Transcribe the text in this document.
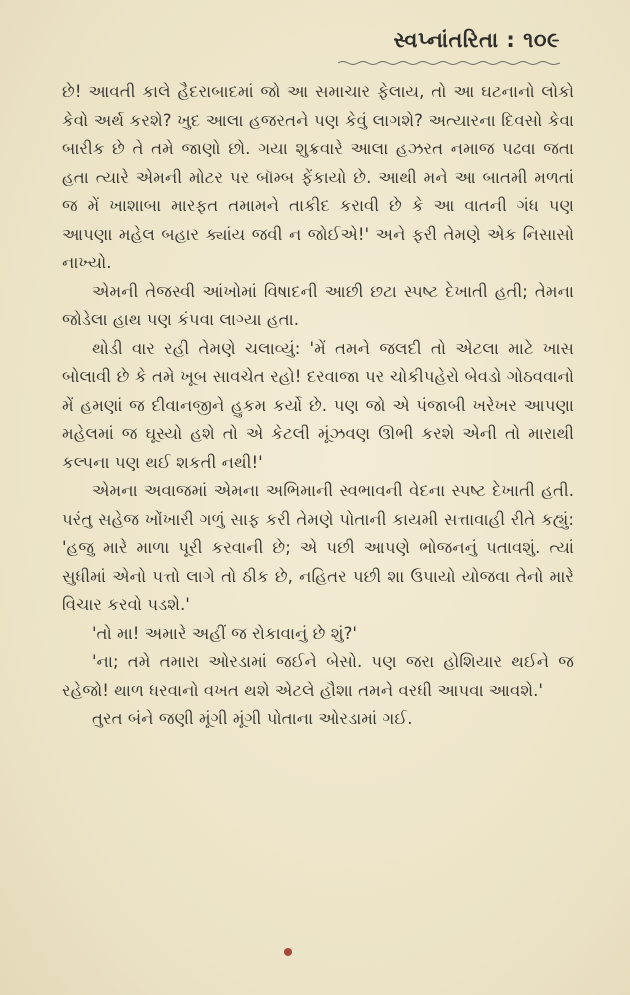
સ્વપ્નાંતરિતા : ૧૦૯

છે! આવતી કાલે હૈદરાબાદમાં જો આ સમાચાર ફેલાય, તો આ ઘટનાનો લોકો કેવો અર્થ કરશે? ખુદ આલા હજરતને પણ કેવું લાગશે? અત્યારના દિવસો કેવા બારીક છે તે તમે જાણો છો. ગયા શુક્રવારે આલા હઝરત નમાજ પઢવા જતા હતા ત્યારે એમની મોટર પર બૉમ્બ ફેંકાયો છે. આથી મને આ બાતમી મળતાં જ મેં ખાશાબા મારફત તમામને તાકીદ કરાવી છે કે આ વાતની ગંધ પણ આપણા મહેલ બહાર ક્યાંય જવી ન જોઈએ!' અને ફરી તેમણે એક નિસાસો નાખ્યો.

એમની તેજસ્વી આંખોમાં વિષાદની આછી છટા સ્પષ્ટ દેખાતી હતી; તેમના જોડેલા હાથ પણ કંપવા લાગ્યા હતા.

થોડી વાર રહી તેમણે ચલાવ્યું: 'મેં તમને જલદી તો એટલા માટે ખાસ બોલાવી છે કે તમે ખૂબ સાવચેત રહો! દરવાજા પર ચોકીપહેરો બેવડો ગોઠવવાનો મેં હમણાં જ દીવાનજીને હુકમ કર્યો છે. પણ જો એ પંજાબી ખરેખર આપણા મહેલમાં જ ઘૂસ્યો હશે તો એ કેટલી મૂંઝવણ ઊભી કરશે એની તો મારાથી કલ્પના પણ થઈ શકતી નથી!'

એમના અવાજમાં એમના અભિમાની સ્વભાવની વેદના સ્પષ્ટ દેખાતી હતી. પરંતુ સહેજ ખોંખારી ગળું સાફ કરી તેમણે પોતાની કાયમી સત્તાવાહી રીતે કહ્યું: 'હજુ મારે માળા પૂરી કરવાની છે; એ પછી આપણે ભોજનનું પતાવશું. ત્યાં સુધીમાં એનો પત્તો લાગે તો ઠીક છે, નહિતર પછી શા ઉપાયો યોજવા તેનો મારે વિચાર કરવો પડશે.'

'તો મા! અમારે અહીં જ રોકાવાનું છે શું?'

'ના; તમે તમારા ઓરડામાં જઈને બેસો. પણ જરા હોશિયાર થઈને જ રહેજો! થાળ ધરવાનો વખત થશે એટલે હૌશા તમને વરધી આપવા આવશે.'

તુરત બંને જણી મૂંગી મૂંગી પોતાના ઓરડામાં ગઈ.
